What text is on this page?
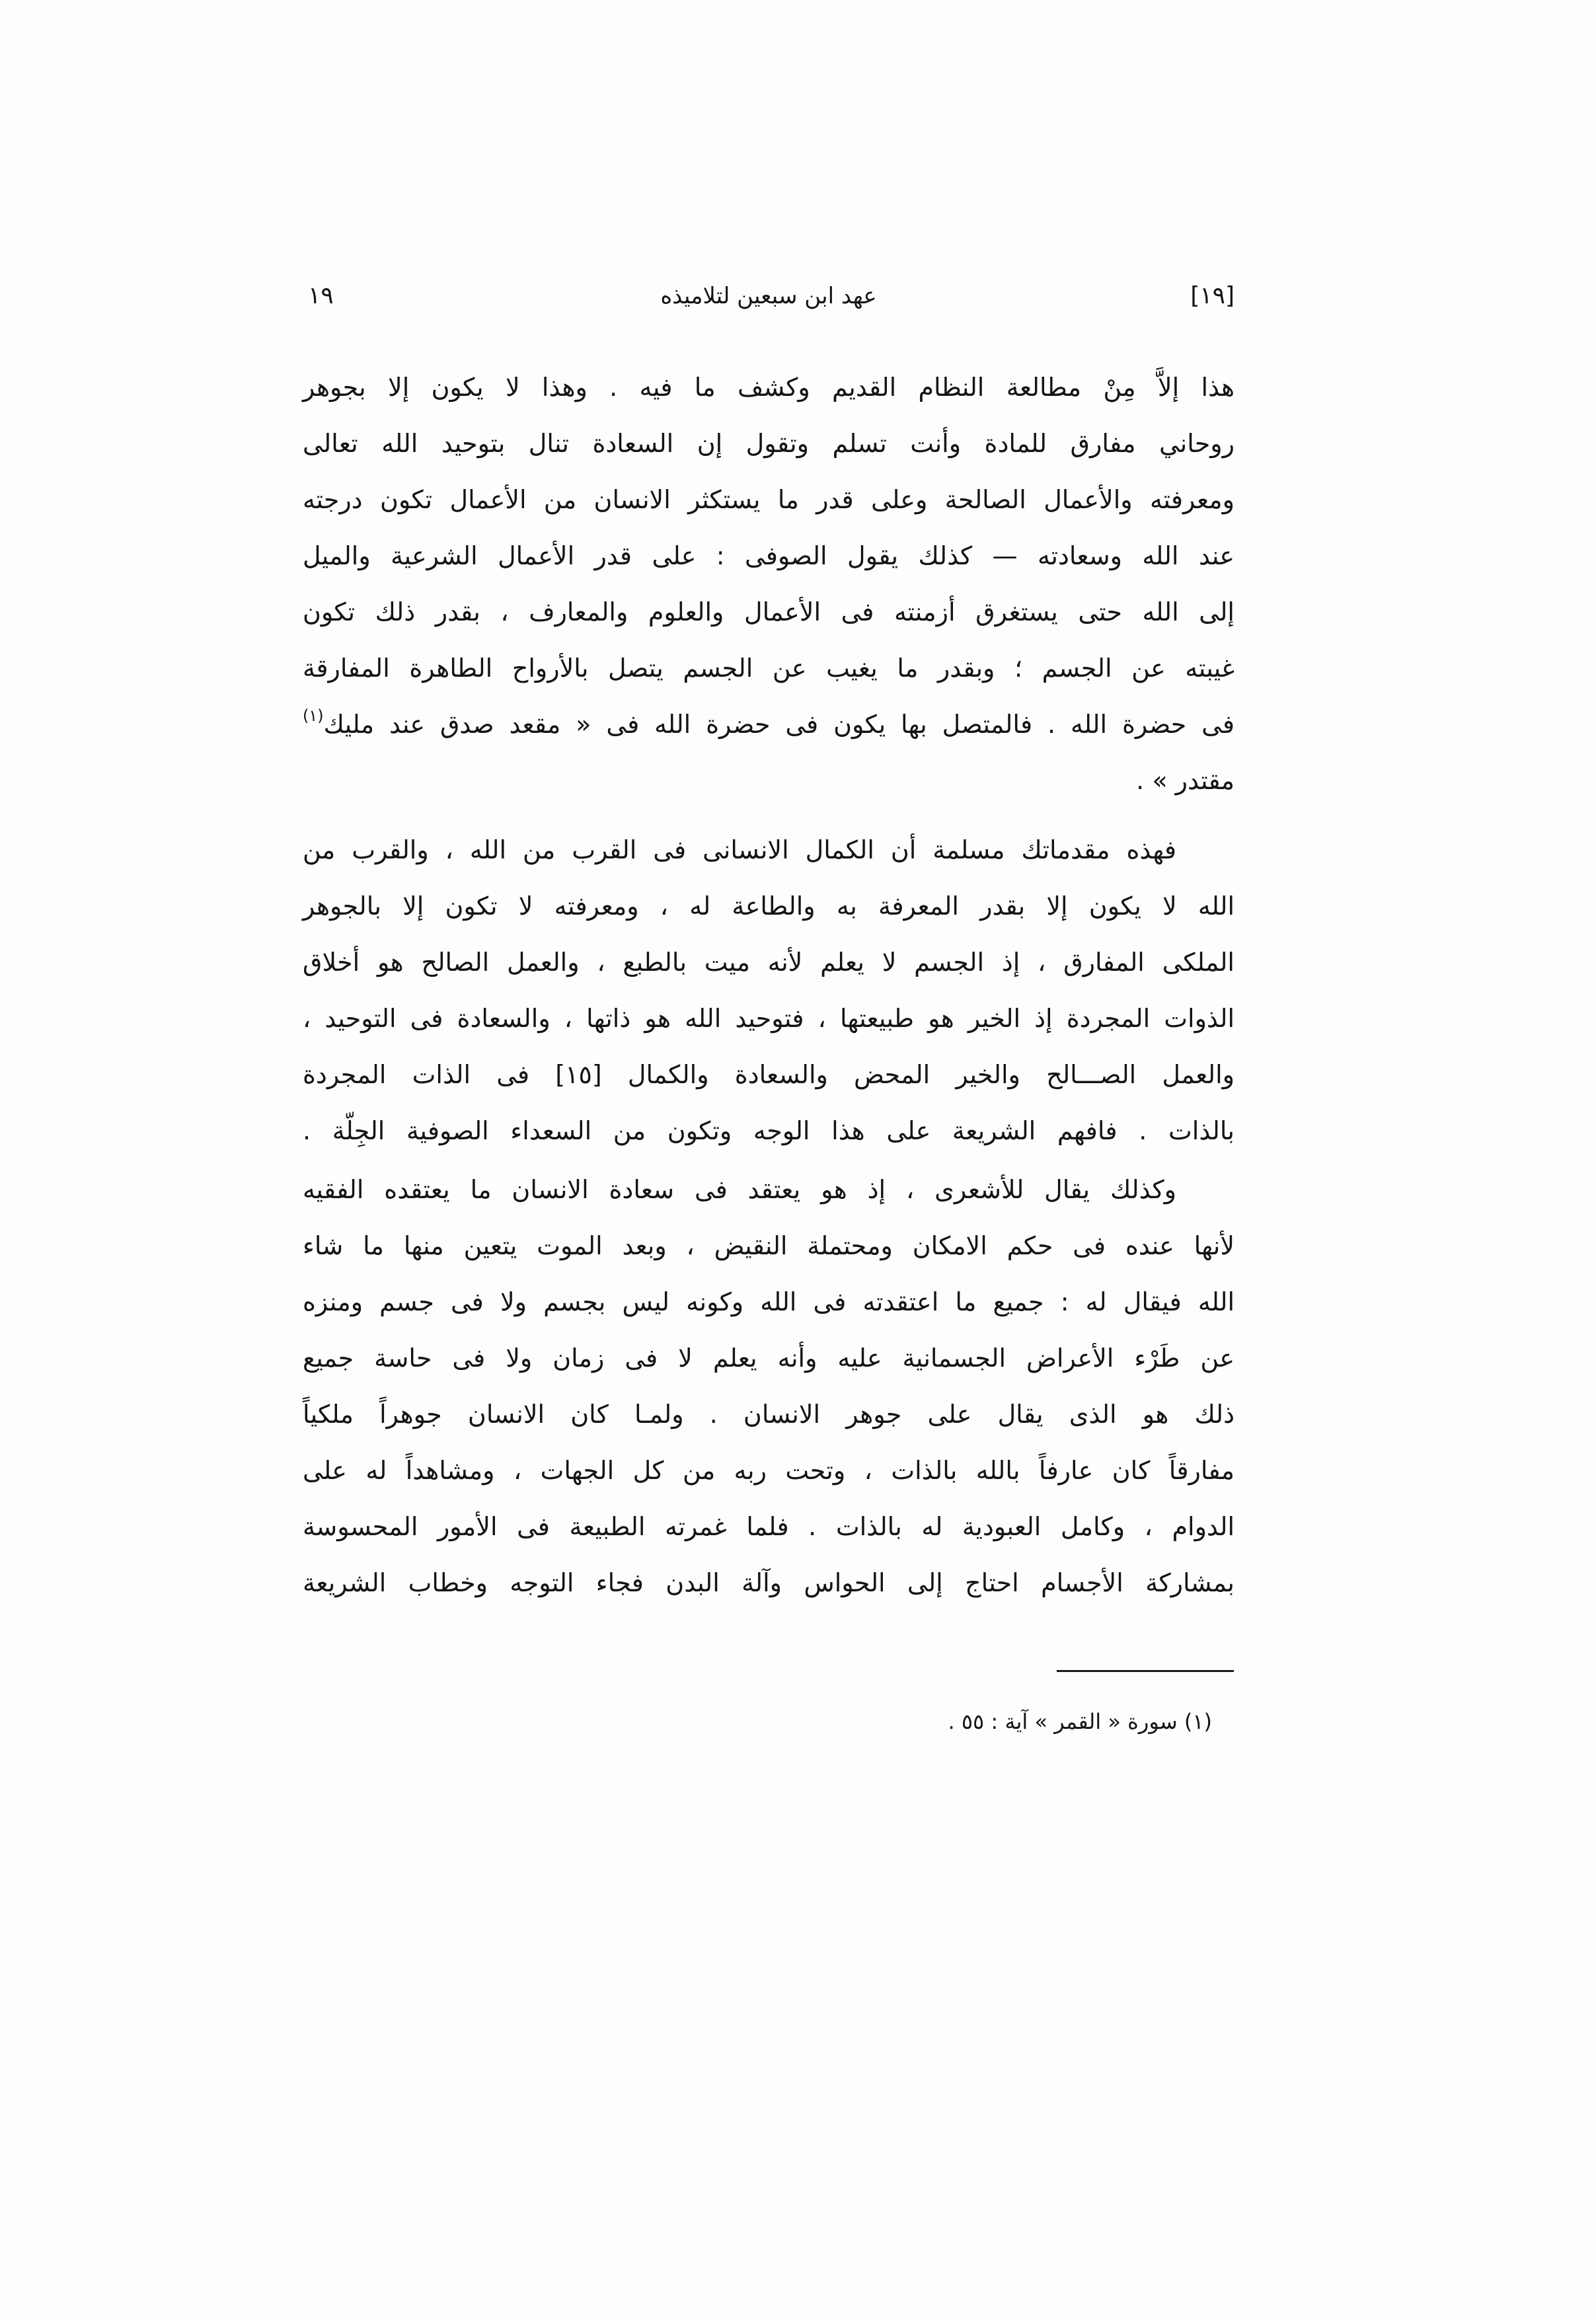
١٩	عهد ابن سبعين لتلاميذه	[١٩]
هذا إلاَّ مِنْ مطالعة النظام القديم وكشف ما فيه . وهذا لا يكون إلا بجوهر
روحاني مفارق للمادة وأنت تسلم وتقول إن السعادة تنال بتوحيد الله تعالى
ومعرفته والأعمال الصالحة وعلى قدر ما يستكثر الانسان من الأعمال تكون درجته
عند الله وسعادته — كذلك يقول الصوفى : على قدر الأعمال الشرعية والميل
إلى الله حتى يستغرق أزمنته فى الأعمال والعلوم والمعارف ، بقدر ذلك تكون
غيبته عن الجسم ؛ وبقدر ما يغيب عن الجسم يتصل بالأرواح الطاهرة المفارقة
فى حضرة الله . فالمتصل بها يكون فى حضرة الله فى « مقعد صدق عند مليك$^{(١)}$
مقتدر » .
فهذه مقدماتك مسلمة أن الكمال الانسانى فى القرب من الله ، والقرب من
الله لا يكون إلا بقدر المعرفة به والطاعة له ، ومعرفته لا تكون إلا بالجوهر
الملكى المفارق ، إذ الجسم لا يعلم لأنه ميت بالطبع ، والعمل الصالح هو أخلاق
الذوات المجردة إذ الخير هو طبيعتها ، فتوحيد الله هو ذاتها ، والسعادة فى التوحيد ،
والعمل الصـــالح والخير المحض والسعادة والكمال [١٥] فى الذات المجردة
بالذات . فافهم الشريعة على هذا الوجه وتكون من السعداء الصوفية الجِلّة .
وكذلك يقال للأشعرى ، إذ هو يعتقد فى سعادة الانسان ما يعتقده الفقيه
لأنها عنده فى حكم الامكان ومحتملة النقيض ، وبعد الموت يتعين منها ما شاء
الله فيقال له : جميع ما اعتقدته فى الله وكونه ليس بجسم ولا فى جسم ومنزه
عن طَرْء الأعراض الجسمانية عليه وأنه يعلم لا فى زمان ولا فى حاسة جميع
ذلك هو الذى يقال على جوهر الانسان . ولمـا كان الانسان جوهراً ملكياً
مفارقاً كان عارفاً بالله بالذات ، وتحت ربه من كل الجهات ، ومشاهداً له على
الدوام ، وكامل العبودية له بالذات . فلما غمرته الطبيعة فى الأمور المحسوسة
بمشاركة الأجسام احتاج إلى الحواس وآلة البدن فجاء التوجه وخطاب الشريعة
(١) سورة « القمر » آية : ٥٥ .
